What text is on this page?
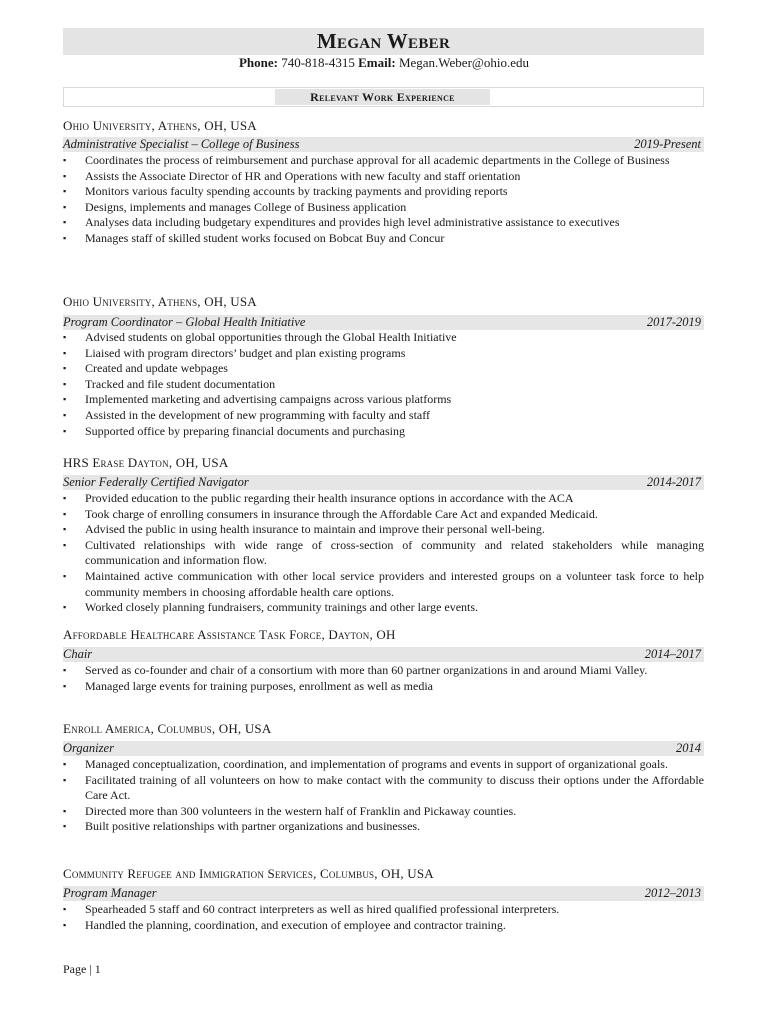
Megan Weber
Phone: 740-818-4315 Email: Megan.Weber@ohio.edu
Relevant Work Experience
Ohio University, Athens, OH, USA
Administrative Specialist – College of Business	2019-Present
▪ Coordinates the process of reimbursement and purchase approval for all academic departments in the College of Business
▪ Assists the Associate Director of HR and Operations with new faculty and staff orientation
▪ Monitors various faculty spending accounts by tracking payments and providing reports
▪ Designs, implements and manages College of Business application
▪ Analyses data including budgetary expenditures and provides high level administrative assistance to executives
▪ Manages staff of skilled student works focused on Bobcat Buy and Concur
Ohio University, Athens, OH, USA
Program Coordinator – Global Health Initiative	2017-2019
▪ Advised students on global opportunities through the Global Health Initiative
▪ Liaised with program directors’ budget and plan existing programs
▪ Created and update webpages
▪ Tracked and file student documentation
▪ Implemented marketing and advertising campaigns across various platforms
▪ Assisted in the development of new programming with faculty and staff
▪ Supported office by preparing financial documents and purchasing
HRS Erase Dayton, OH, USA
Senior Federally Certified Navigator	2014-2017
▪ Provided education to the public regarding their health insurance options in accordance with the ACA
▪ Took charge of enrolling consumers in insurance through the Affordable Care Act and expanded Medicaid.
▪ Advised the public in using health insurance to maintain and improve their personal well-being.
▪ Cultivated relationships with wide range of cross-section of community and related stakeholders while managing communication and information flow.
▪ Maintained active communication with other local service providers and interested groups on a volunteer task force to help community members in choosing affordable health care options.
▪ Worked closely planning fundraisers, community trainings and other large events.
Affordable Healthcare Assistance Task Force, Dayton, OH
Chair	2014–2017
▪ Served as co-founder and chair of a consortium with more than 60 partner organizations in and around Miami Valley.
▪ Managed large events for training purposes, enrollment as well as media
Enroll America, Columbus, OH, USA
Organizer	2014
▪ Managed conceptualization, coordination, and implementation of programs and events in support of organizational goals.
▪ Facilitated training of all volunteers on how to make contact with the community to discuss their options under the Affordable Care Act.
▪ Directed more than 300 volunteers in the western half of Franklin and Pickaway counties.
▪ Built positive relationships with partner organizations and businesses.
Community Refugee and Immigration Services, Columbus, OH, USA
Program Manager	2012–2013
▪ Spearheaded 5 staff and 60 contract interpreters as well as hired qualified professional interpreters.
▪ Handled the planning, coordination, and execution of employee and contractor training.
Page | 1
